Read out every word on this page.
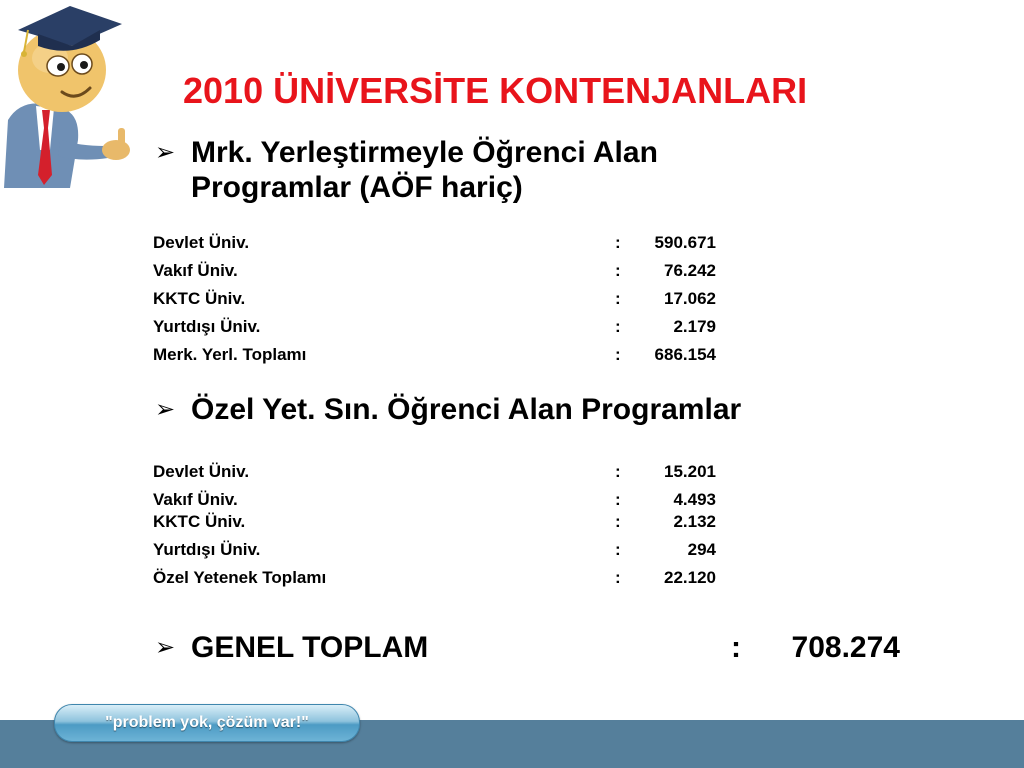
2010 ÜNİVERSİTE KONTENJANLARI
➢ Mrk. Yerleştirmeyle Öğrenci Alan
Programlar (AÖF hariç)
Devlet Üniv.	: 590.671
Vakıf Üniv.	:	76.242
KKTC Üniv.	:	17.062
Yurtdışı Üniv.	:	2.179
Merk. Yerl. Toplamı	: 686.154
➢ Özel Yet. Sın. Öğrenci Alan Programlar
Devlet Üniv.	:	15.201
Vakıf Üniv.	:	4.493
KKTC Üniv.	:	2.132
Yurtdışı Üniv.	:	294
Özel Yetenek Toplamı	:	22.120
➢ GENEL TOPLAM	: 708.274
"problem yok, çözüm var!"
